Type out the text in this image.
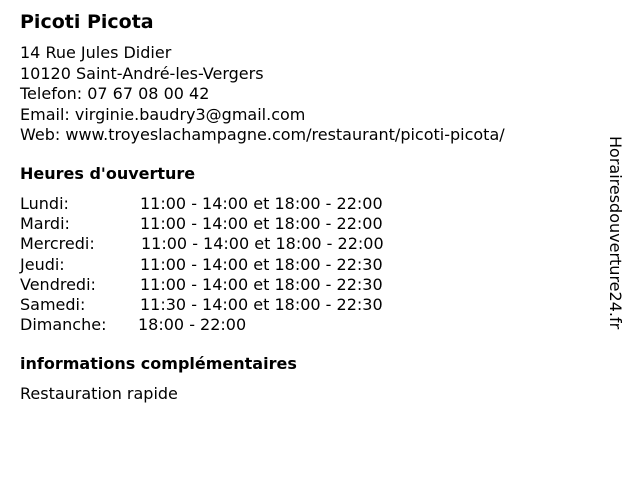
Picoti Picota
14 Rue Jules Didier
10120 Saint-André-les-Vergers
Telefon: 07 67 08 00 42
Email: virginie.baudry3@gmail.com
Web: www.troyeslachampagne.com/restaurant/picoti-picota/
Heures d'ouverture
Lundi:	11:00 - 14:00 et 18:00 - 22:00
Mardi:	11:00 - 14:00 et 18:00 - 22:00
Mercredi:	11:00 - 14:00 et 18:00 - 22:00
Jeudi:	11:00 - 14:00 et 18:00 - 22:30
Vendredi:	11:00 - 14:00 et 18:00 - 22:30
Samedi:	11:30 - 14:00 et 18:00 - 22:30
Dimanche: 18:00 - 22:00
informations complémentaires
Restauration rapide
Horairesdouverture24.fr
